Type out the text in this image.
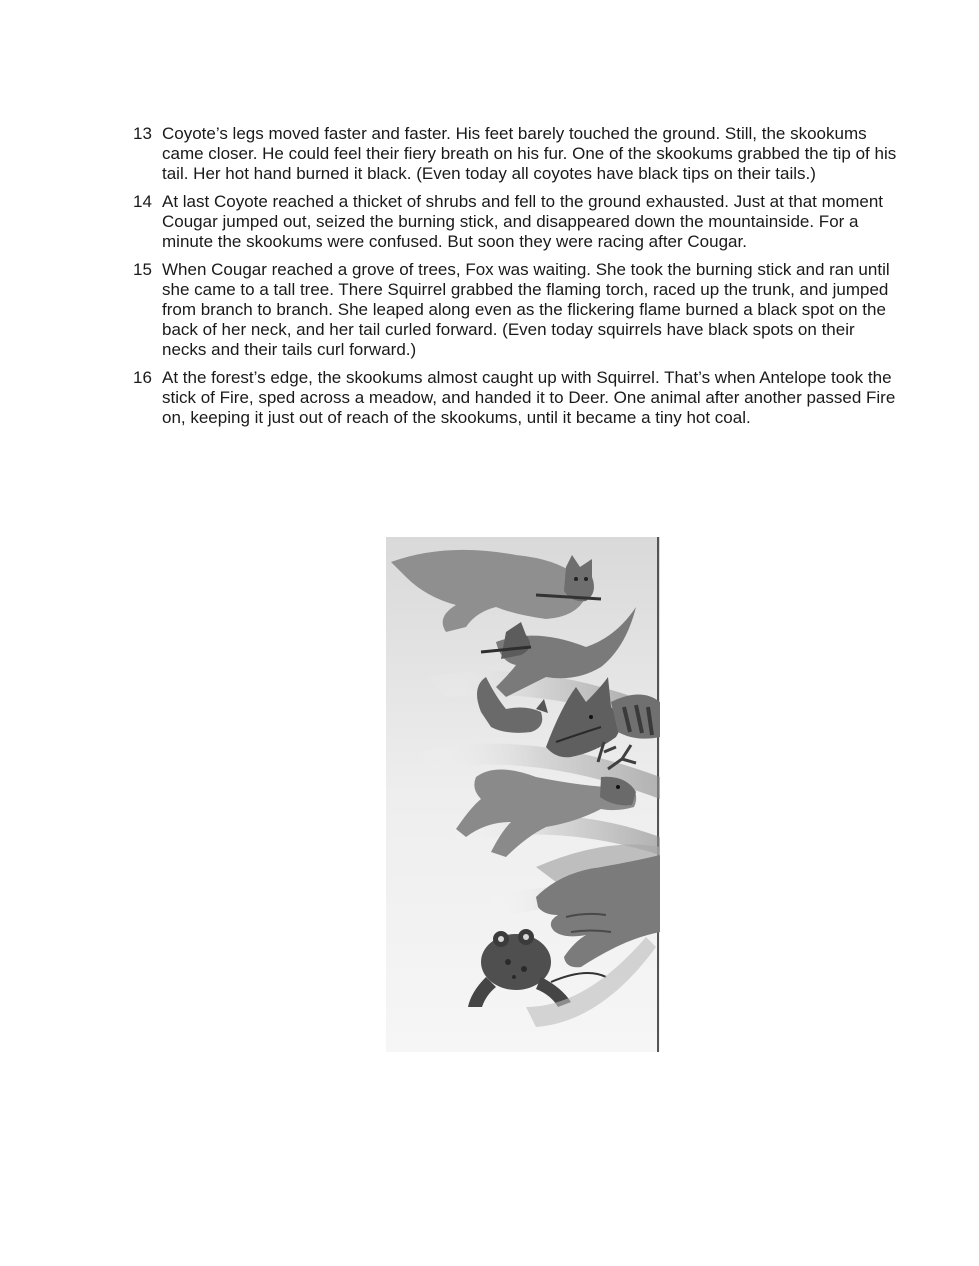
13 Coyote’s legs moved faster and faster. His feet barely touched the ground. Still, the skookums came closer. He could feel their fiery breath on his fur. One of the skookums grabbed the tip of his tail. Her hot hand burned it black. (Even today all coyotes have black tips on their tails.)
14 At last Coyote reached a thicket of shrubs and fell to the ground exhausted. Just at that moment Cougar jumped out, seized the burning stick, and disappeared down the mountainside. For a minute the skookums were confused. But soon they were racing after Cougar.
15 When Cougar reached a grove of trees, Fox was waiting. She took the burning stick and ran until she came to a tall tree. There Squirrel grabbed the flaming torch, raced up the trunk, and jumped from branch to branch. She leaped along even as the flickering flame burned a black spot on the back of her neck, and her tail curled forward. (Even today squirrels have black spots on their necks and their tails curl forward.)
16 At the forest’s edge, the skookums almost caught up with Squirrel. That’s when Antelope took the stick of Fire, sped across a meadow, and handed it to Deer. One animal after another passed Fire on, keeping it just out of reach of the skookums, until it became a tiny hot coal.
